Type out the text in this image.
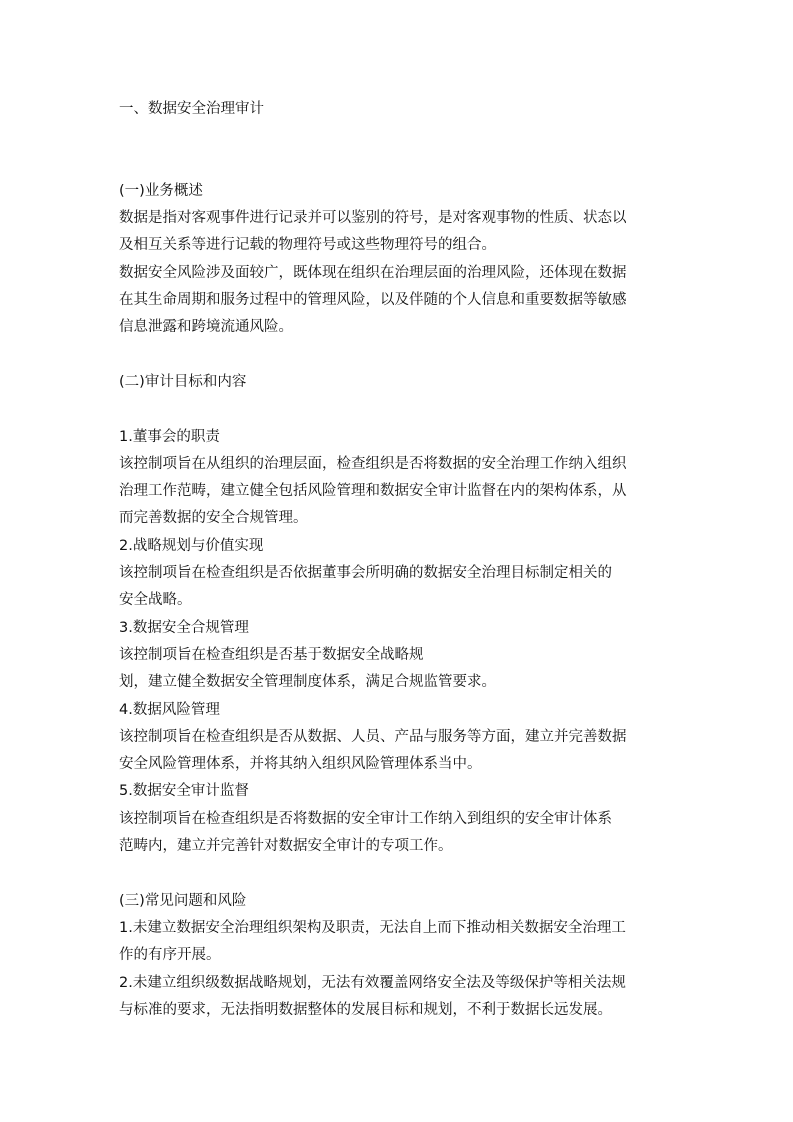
一、数据安全治理审计
(一)业务概述
数据是指对客观事件进行记录并可以鉴别的符号，是对客观事物的性质、状态以
及相互关系等进行记载的物理符号或这些物理符号的组合。
数据安全风险涉及面较广，既体现在组织在治理层面的治理风险，还体现在数据
在其生命周期和服务过程中的管理风险，以及伴随的个人信息和重要数据等敏感
信息泄露和跨境流通风险。
(二)审计目标和内容
1.董事会的职责
该控制项旨在从组织的治理层面，检查组织是否将数据的安全治理工作纳入组织
治理工作范畴，建立健全包括风险管理和数据安全审计监督在内的架构体系，从
而完善数据的安全合规管理。
2.战略规划与价值实现
该控制项旨在检查组织是否依据董事会所明确的数据安全治理目标制定相关的
安全战略。
3.数据安全合规管理
该控制项旨在检查组织是否基于数据安全战略规
划，建立健全数据安全管理制度体系，满足合规监管要求。
4.数据风险管理
该控制项旨在检查组织是否从数据、人员、产品与服务等方面，建立并完善数据
安全风险管理体系，并将其纳入组织风险管理体系当中。
5.数据安全审计监督
该控制项旨在检查组织是否将数据的安全审计工作纳入到组织的安全审计体系
范畴内，建立并完善针对数据安全审计的专项工作。
(三)常见问题和风险
1.未建立数据安全治理组织架构及职责，无法自上而下推动相关数据安全治理工
作的有序开展。
2.未建立组织级数据战略规划，无法有效覆盖网络安全法及等级保护等相关法规
与标准的要求，无法指明数据整体的发展目标和规划，不利于数据长远发展。
